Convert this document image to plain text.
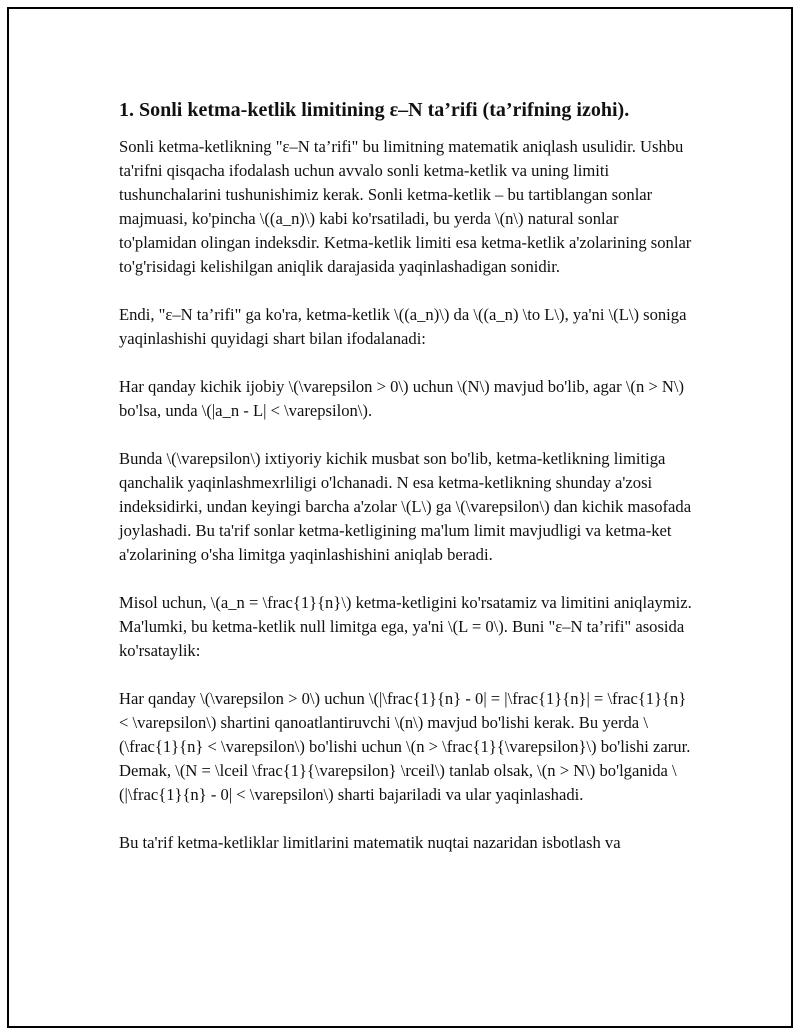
1. Sonli ketma-ketlik limitining ε–N ta’rifi (ta’rifning izohi).

Sonli ketma-ketlikning "ε–N ta’rifi" bu limitning matematik aniqlash usulidir. Ushbu ta'rifni qisqacha ifodalash uchun avvalo sonli ketma-ketlik va uning limiti tushunchalarini tushunishimiz kerak. Sonli ketma-ketlik – bu tartiblangan sonlar majmuasi, ko'pincha \((a_n)\) kabi ko'rsatiladi, bu yerda \(n\) natural sonlar to'plamidan olingan indeksdir. Ketma-ketlik limiti esa ketma-ketlik a'zolarining sonlar to'g'risidagi kelishilgan aniqlik darajasida yaqinlashadigan sonidir.

Endi, "ε–N ta’rifi" ga ko'ra, ketma-ketlik \((a_n)\) da \((a_n) \to L\), ya'ni \(L\) soniga yaqinlashishi quyidagi shart bilan ifodalanadi:

Har qanday kichik ijobiy \(\varepsilon > 0\) uchun \(N\) mavjud bo'lib, agar \(n > N\) bo'lsa, unda \(|a_n - L| < \varepsilon\).

Bunda \(\varepsilon\) ixtiyoriy kichik musbat son bo'lib, ketma-ketlikning limitiga qanchalik yaqinlashmexrliligi o'lchanadi. N esa ketma-ketlikning shunday a'zosi indeksidirki, undan keyingi barcha a'zolar \(L\) ga \(\varepsilon\) dan kichik masofada joylashadi. Bu ta'rif sonlar ketma-ketligining ma'lum limit mavjudligi va ketma-ket a'zolarining o'sha limitga yaqinlashishini aniqlab beradi.

Misol uchun, \(a_n = \frac{1}{n}\) ketma-ketligini ko'rsatamiz va limitini aniqlaymiz. Ma'lumki, bu ketma-ketlik null limitga ega, ya'ni \(L = 0\). Buni "ε–N ta’rifi" asosida ko'rsataylik:

Har qanday \(\varepsilon > 0\) uchun \(|\frac{1}{n} - 0| = |\frac{1}{n}| = \frac{1}{n} < \varepsilon\) shartini qanoatlantiruvchi \(n\) mavjud bo'lishi kerak. Bu yerda \(\frac{1}{n} < \varepsilon\) bo'lishi uchun \(n > \frac{1}{\varepsilon}\) bo'lishi zarur. Demak, \(N = \lceil \frac{1}{\varepsilon} \rceil\) tanlab olsak, \(n > N\) bo'lganida \(|\frac{1}{n} - 0| < \varepsilon\) sharti bajariladi va ular yaqinlashadi.

Bu ta'rif ketma-ketliklar limitlarini matematik nuqtai nazaridan isbotlash va
